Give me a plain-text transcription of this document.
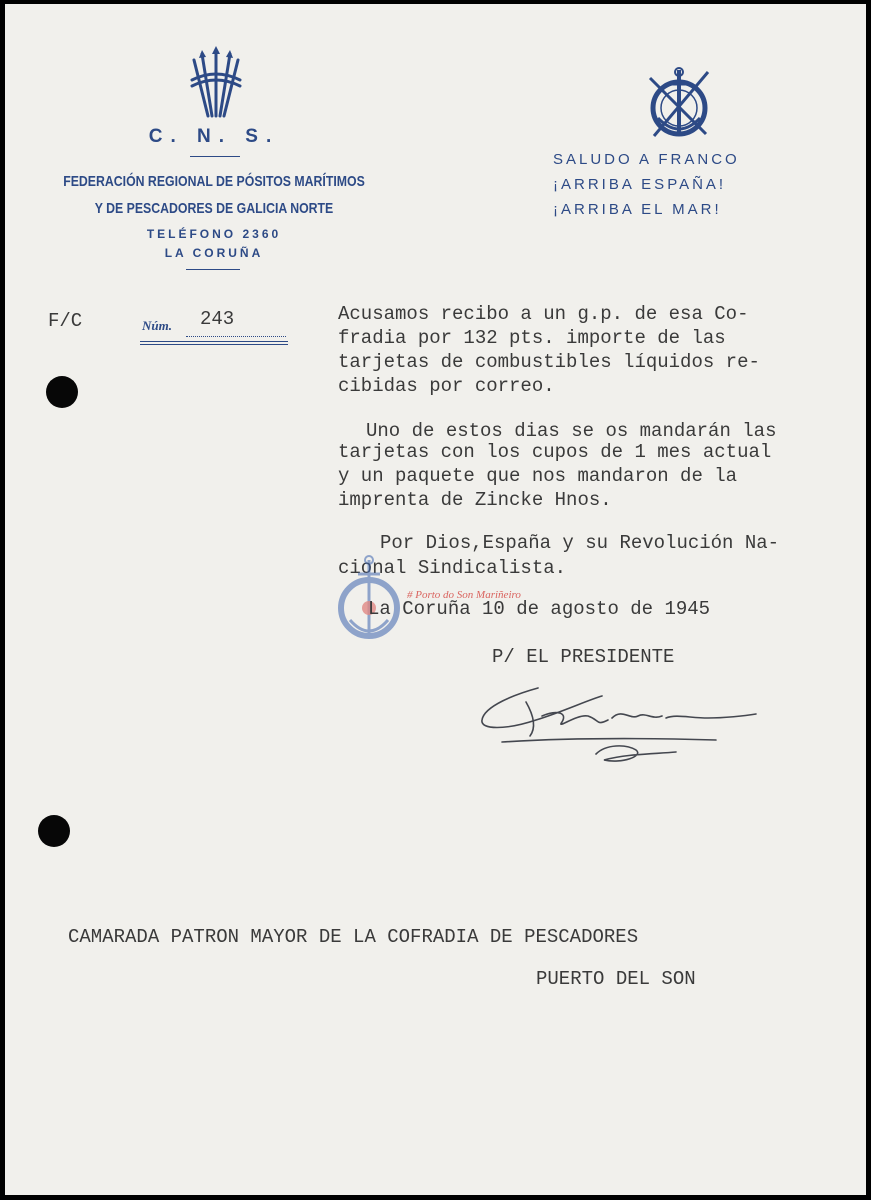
C. N. S.
FEDERACIÓN REGIONAL DE PÓSITOS MARÍTIMOS
Y DE PESCADORES DE GALICIA NORTE
TELÉFONO 2360
LA CORUÑA
SALUDO A FRANCO
¡ARRIBA ESPAÑA!
¡ARRIBA EL MAR!
F/C	Núm. 243	Acusamos recibo a un g.p. de esa Co-
fradia por 132 pts. importe de las
tarjetas de combustibles líquidos re-
cibidas por correo.
Uno de estos dias se os mandarán las
tarjetas con los cupos de 1 mes actual
y un paquete que nos mandaron de la
imprenta de Zincke Hnos.
Por Dios,España y su Revolución Na-
cional Sindicalista.
# Porto do Son Mariñeiro
La Coruña 10 de agosto de 1945
P/ EL PRESIDENTE
CAMARADA PATRON MAYOR DE LA COFRADIA DE PESCADORES
PUERTO DEL SON
